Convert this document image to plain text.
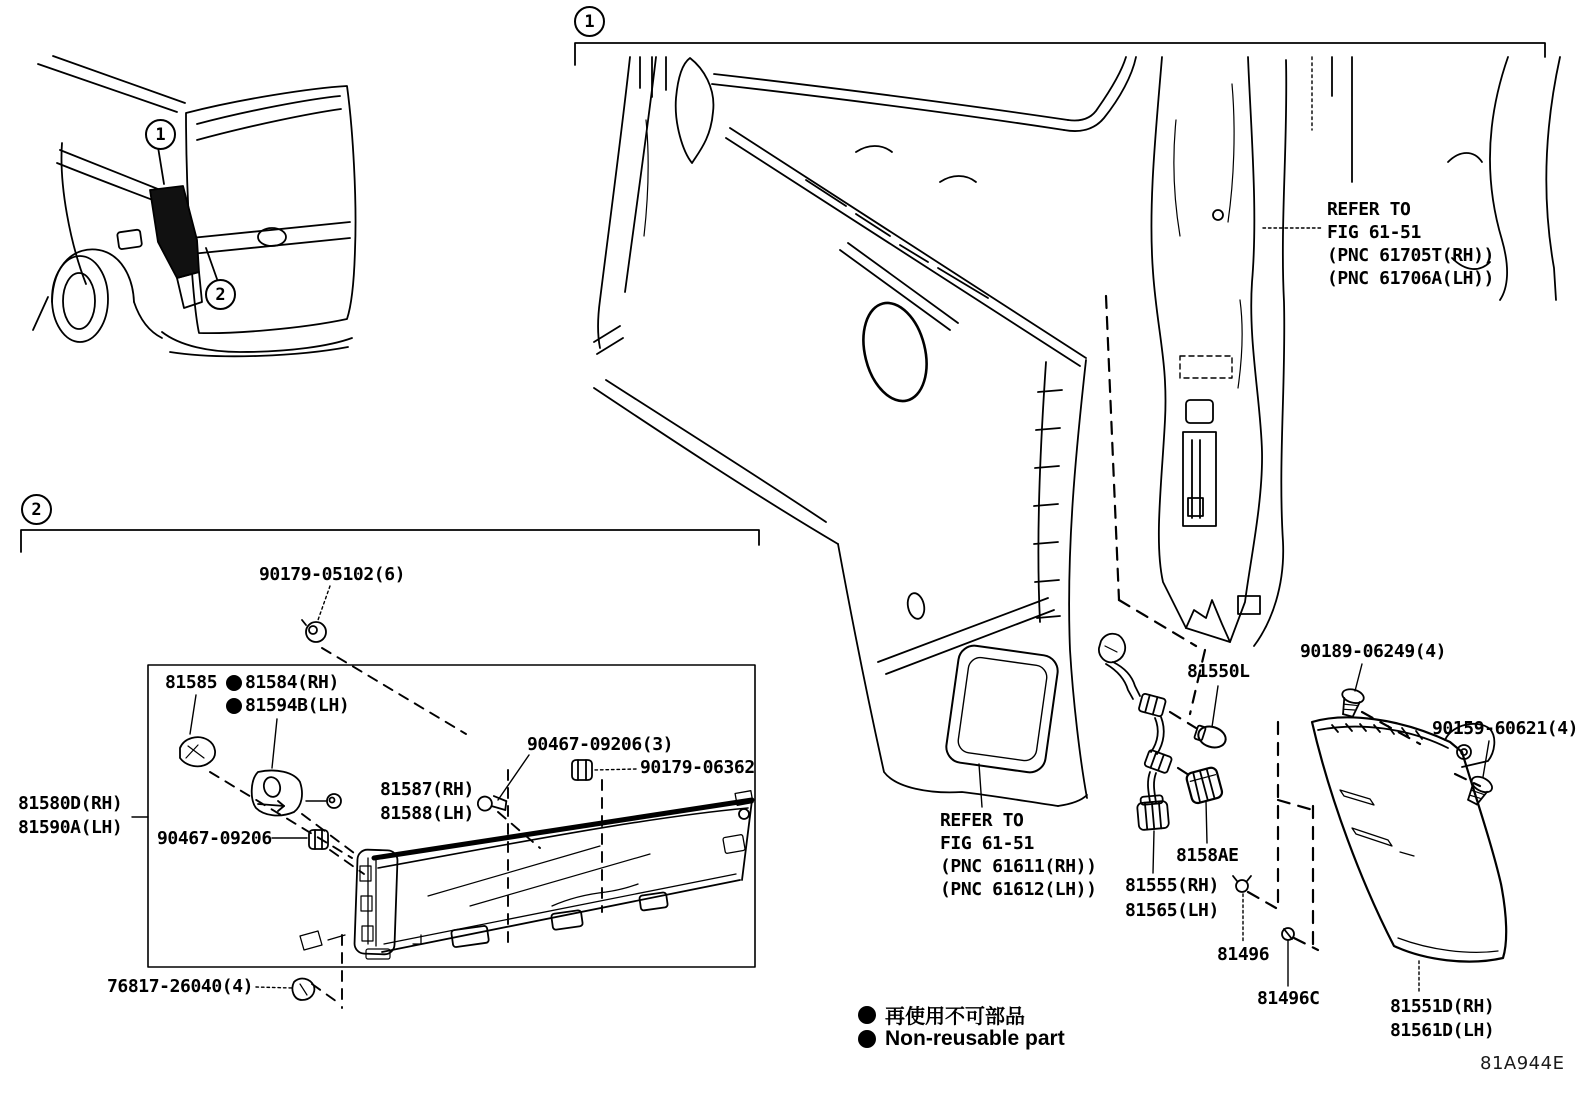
1
2
1
2
REFER TO
FIG 61-51
(PNC 61705T(RH))
(PNC 61706A(LH))
REFER TO
FIG 61-51
(PNC 61611(RH))
(PNC 61612(LH))
90179-05102(6)
81585 81584(RH)
81594B(LH)
90467-09206(3)
90179-06362
81587(RH)
81588(LH)
81580D(RH)
81590A(LH)
90467-09206
76817-26040(4)
81550L
90189-06249(4)
90159-60621(4)
8158AE
81555(RH)
81565(LH)
81496
81496C	81551D(RH)
81561D(LH)
再使用不可部品
Non-reusable part
81A944E
